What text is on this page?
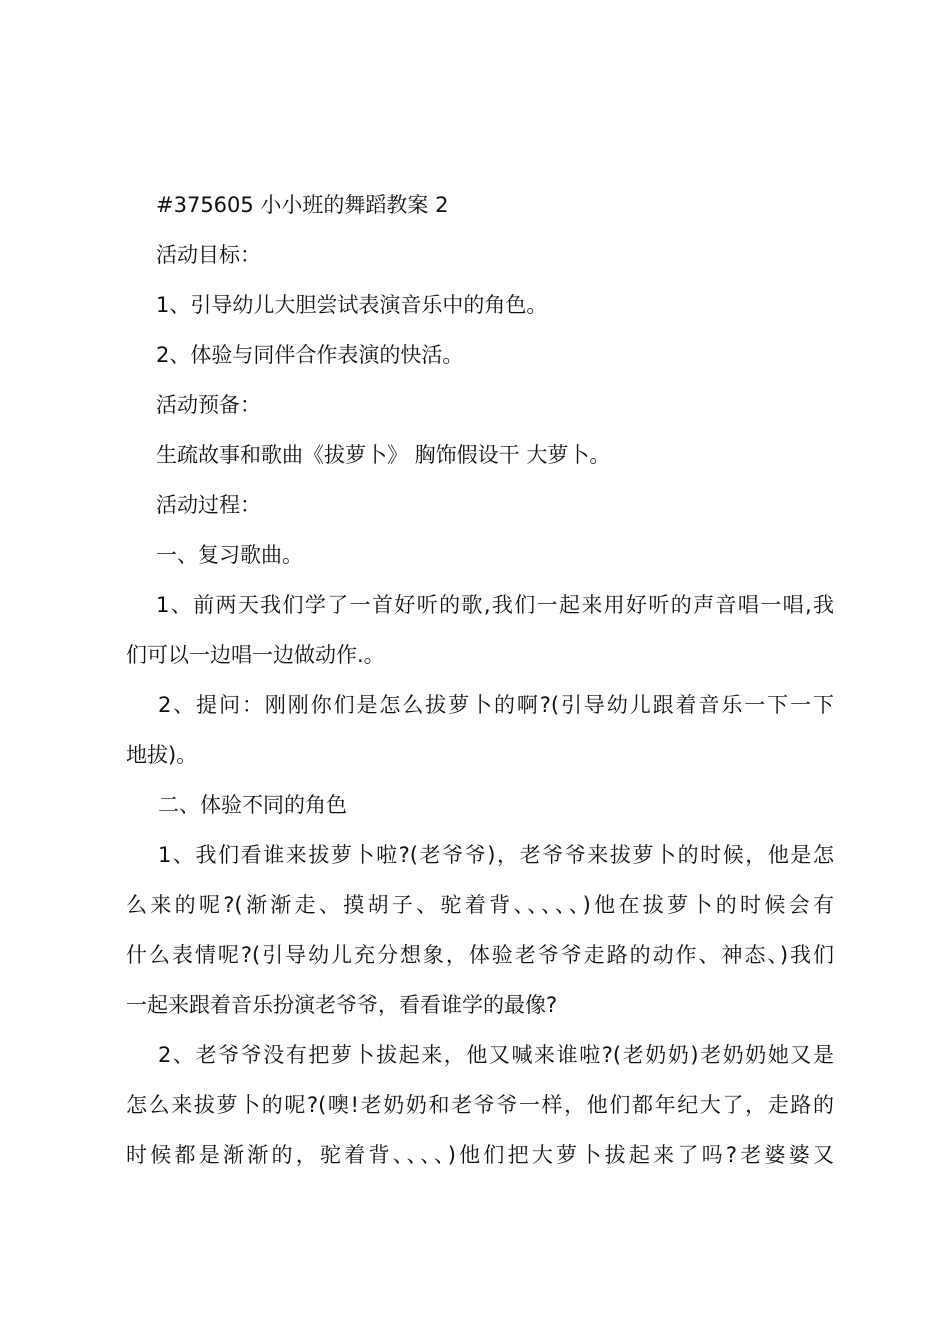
#375605 小小班的舞蹈教案 2
活动目标：
1、引导幼儿大胆尝试表演音乐中的角色。
2、体验与同伴合作表演的快活。
活动预备：
生疏故事和歌曲《拔萝卜》 胸饰假设干 大萝卜。
活动过程：
一、复习歌曲。
1、前两天我们学了一首好听的歌,我们一起来用好听的声音唱一唱,我
们可以一边唱一边做动作.。
2、提问：刚刚你们是怎么拔萝卜的啊?(引导幼儿跟着音乐一下一下
地拔)。
二、体验不同的角色
1、我们看谁来拔萝卜啦?(老爷爷)，老爷爷来拔萝卜的时候，他是怎
么来的呢?(渐渐走、摸胡子、驼着背、、、、、)他在拔萝卜的时候会有
什么表情呢?(引导幼儿充分想象，体验老爷爷走路的动作、神态、)我们
一起来跟着音乐扮演老爷爷，看看谁学的最像?
2、老爷爷没有把萝卜拔起来，他又喊来谁啦?(老奶奶)老奶奶她又是
怎么来拔萝卜的呢?(噢!老奶奶和老爷爷一样，他们都年纪大了，走路的
时候都是渐渐的，驼着背、、、、)他们把大萝卜拔起来了吗?老婆婆又
